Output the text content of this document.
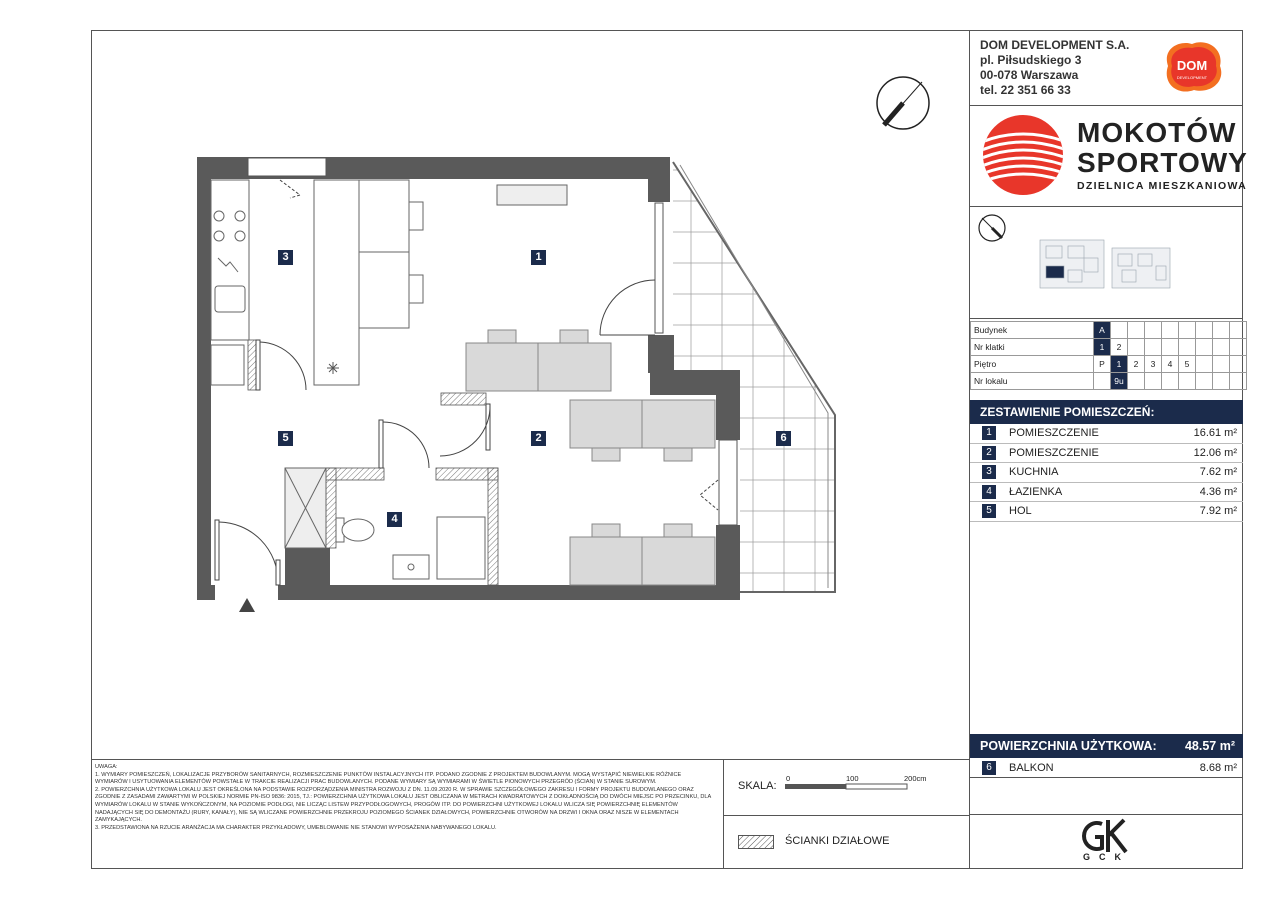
DOM DEVELOPMENT S.A.
pl. Piłsudskiego 3
00-078 Warszawa
tel. 22 351 66 33
DOM
DEVELOPMENT
MOKOTÓW
SPORTOWY
DZIELNICA MIESZKANIOWA
Budynek	A								
Nr klatki	1	2							
Piętro	P	1	2	3	4	5			
Nr lokalu		9u							
ZESTAWIENIE POMIESZCZEŃ:
1	POMIESZCZENIE	16.61 m²
2	POMIESZCZENIE	12.06 m²
3	KUCHNIA	7.62 m²
4	ŁAZIENKA	4.36 m²
5	HOL	7.92 m²
POWIERZCHNIA UŻYTKOWA: 48.57 m²
6	BALKON	8.68 m²
GCK

UWAGA:

1. WYMIARY POMIESZCZEŃ, LOKALIZACJE PRZYBORÓW SANITARNYCH, ROZMIESZCZENIE PUNKTÓW INSTALACYJNYCH ITP. PODANO ZGODNIE Z PROJEKTEM BUDOWLANYM. MOGĄ WYSTĄPIĆ NIEWIELKIE RÓŻNICE WYMIARÓW I USYTUOWANIA ELEMENTÓW POWSTAŁE W TRAKCIE REALIZACJI PRAC BUDOWLANYCH. PODANE WYMIARY SĄ WYMIARAMI W ŚWIETLE PIONOWYCH PRZEGRÓD (ŚCIAN) W STANIE SUROWYM.

2. POWIERZCHNIA UŻYTKOWA LOKALU JEST OKREŚLONA NA PODSTAWIE ROZPORZĄDZENIA MINISTRA ROZWOJU Z DN. 11.09.2020 R. W SPRAWIE SZCZEGÓŁOWEGO ZAKRESU I FORMY PROJEKTU BUDOWLANEGO ORAZ ZGODNIE Z ZASADAMI ZAWARTYMI W POLSKIEJ NORMIE PN-ISO 9836: 2015, TJ.: POWIERZCHNIA UŻYTKOWA LOKALU JEST OBLICZANA W METRACH KWADRATOWYCH Z DOKŁADNOŚCIĄ DO DWÓCH MIEJSC PO PRZECINKU, DLA WYMIARÓW LOKALU W STANIE WYKOŃCZONYM, NA POZIOMIE PODŁOGI, NIE LICZĄC LISTEW PRZYPODŁOGOWYCH, PROGÓW ITP. DO POWIERZCHNI UŻYTKOWEJ LOKALU WLICZA SIĘ POWIERZCHNIĘ ELEMENTÓW NADAJĄCYCH SIĘ DO DEMONTAŻU (RURY, KANAŁY), NIE SĄ WLICZANE POWIERZCHNIE PRZEKROJU POZIOMEGO ŚCIANEK DZIAŁOWYCH, POWIERZCHNIE OTWORÓW NA DRZWI I OKNA ORAZ NISZE W ELEMENTACH ZAMYKAJĄCYCH.

3. PRZEDSTAWIONA NA RZUCIE ARANŻACJA MA CHARAKTER PRZYKŁADOWY, UMEBLOWANIE NIE STANOWI WYPOSAŻENIA NABYWANEGO LOKALU.

SKALA:
0	100	200cm
ŚCIANKI DZIAŁOWE
1
2
3
4
5	6
